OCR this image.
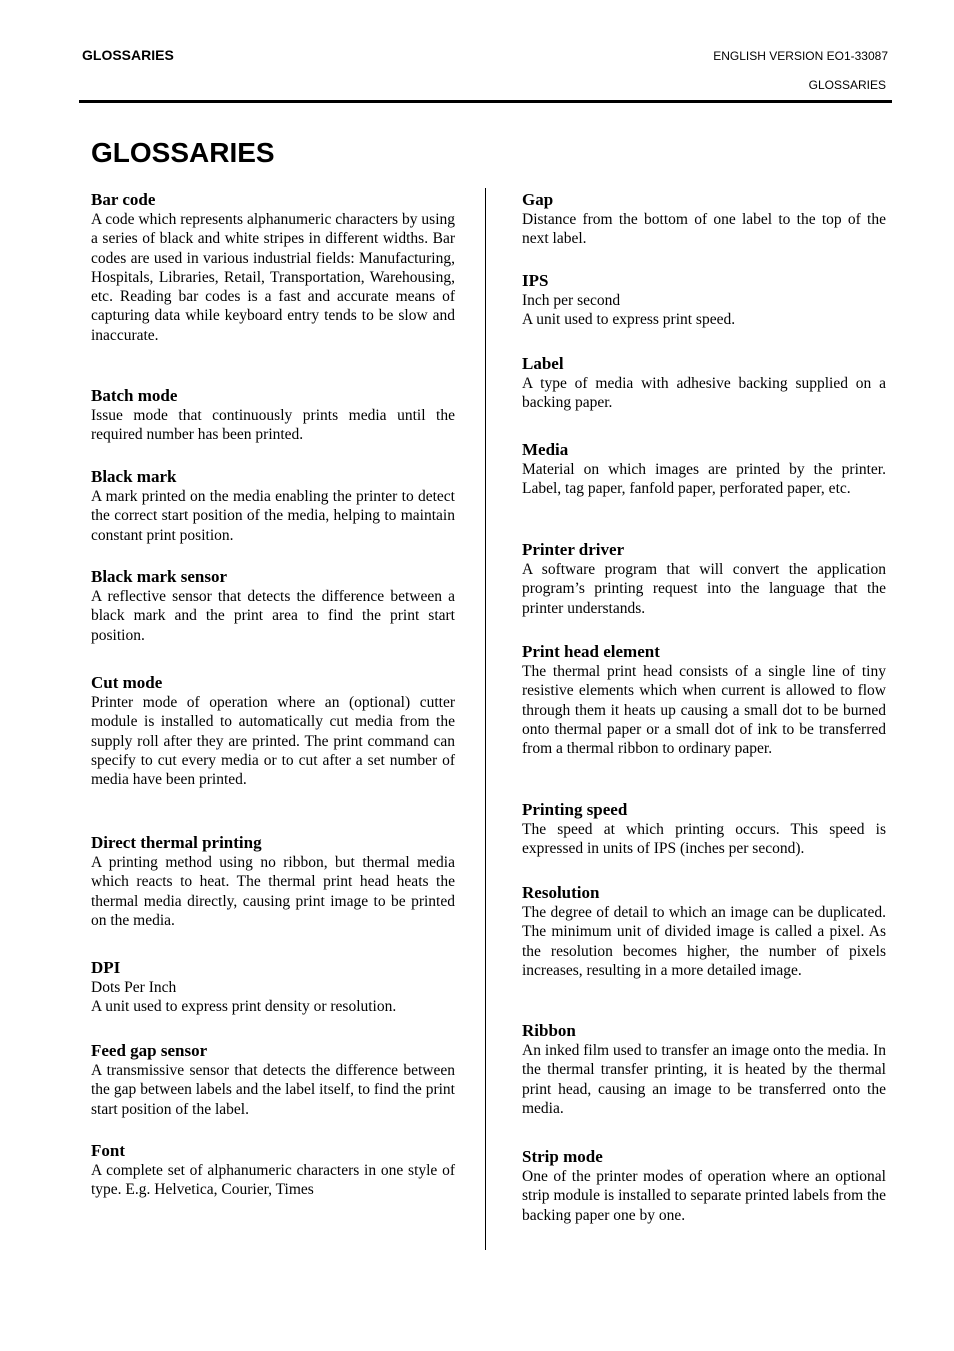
GLOSSARIES	ENGLISH VERSION EO1-33087
GLOSSARIES
GLOSSARIES
Bar code
A code which represents alphanumeric characters by using a series of black and white stripes in different widths. Bar codes are used in various industrial fields: Manufacturing, Hospitals, Libraries, Retail, Transportation, Warehousing, etc. Reading bar codes is a fast and accurate means of capturing data while keyboard entry tends to be slow and inaccurate.
Batch mode
Issue mode that continuously prints media until the required number has been printed.
Black mark
A mark printed on the media enabling the printer to detect the correct start position of the media, helping to maintain constant print position.
Black mark sensor
A reflective sensor that detects the difference between a black mark and the print area to find the print start position.
Cut mode
Printer mode of operation where an (optional) cutter module is installed to automatically cut media from the supply roll after they are printed. The print command can specify to cut every media or to cut after a set number of media have been printed.
Direct thermal printing
A printing method using no ribbon, but thermal media which reacts to heat. The thermal print head heats the thermal media directly, causing print image to be printed on the media.
DPI
Dots Per Inch
A unit used to express print density or resolution.
Feed gap sensor
A transmissive sensor that detects the difference between the gap between labels and the label itself, to find the print start position of the label.
Font
A complete set of alphanumeric characters in one style of type. E.g. Helvetica, Courier, Times
Gap
Distance from the bottom of one label to the top of the next label.
IPS
Inch per second
A unit used to express print speed.
Label
A type of media with adhesive backing supplied on a backing paper.
Media
Material on which images are printed by the printer. Label, tag paper, fanfold paper, perforated paper, etc.
Printer driver
A software program that will convert the application program’s printing request into the language that the printer understands.
Print head element
The thermal print head consists of a single line of tiny resistive elements which when current is allowed to flow through them it heats up causing a small dot to be burned onto thermal paper or a small dot of ink to be transferred from a thermal ribbon to ordinary paper.
Printing speed
The speed at which printing occurs. This speed is expressed in units of IPS (inches per second).
Resolution
The degree of detail to which an image can be duplicated. The minimum unit of divided image is called a pixel. As the resolution becomes higher, the number of pixels increases, resulting in a more detailed image.
Ribbon
An inked film used to transfer an image onto the media. In the thermal transfer printing, it is heated by the thermal print head, causing an image to be transferred onto the media.
Strip mode
One of the printer modes of operation where an optional strip module is installed to separate printed labels from the backing paper one by one.
